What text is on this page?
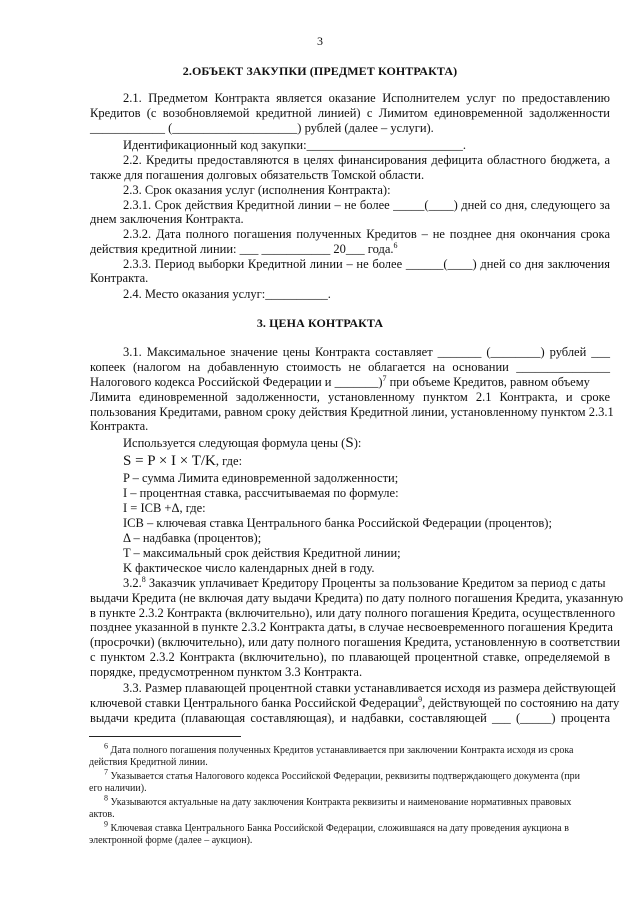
3
2.ОБЪЕКТ ЗАКУПКИ (ПРЕДМЕТ КОНТРАКТА)
2.1. Предметом Контракта является оказание Исполнителем услуг по предоставлению
Кредитов (с возобновляемой кредитной линией) с Лимитом единовременной задолженности
____________ (____________________) рублей (далее – услуги).
Идентификационный код закупки:_________________________.
2.2. Кредиты предоставляются в целях финансирования дефицита областного бюджета, а
также для погашения долговых обязательств Томской области.
2.3. Срок оказания услуг (исполнения Контракта):
2.3.1. Срок действия Кредитной линии – не более _____(____) дней со дня, следующего за
днем заключения Контракта.
2.3.2. Дата полного погашения полученных Кредитов – не позднее дня окончания срока
действия кредитной линии: ___ ___________ 20___ года.$^6$
2.3.3. Период выборки Кредитной линии – не более ______(____) дней со дня заключения
Контракта.
2.4. Место оказания услуг:__________.
3. ЦЕНА КОНТРАКТА
3.1. Максимальное значение цены Контракта составляет _______ (________) рублей ___
копеек (налогом на добавленную стоимость не облагается на основании _______________
Налогового кодекса Российской Федерации и _______)$^7$ при объеме Кредитов, равном объему
Лимита единовременной задолженности, установленному пунктом 2.1 Контракта, и сроке
пользования Кредитами, равном сроку действия Кредитной линии, установленному пунктом 2.3.1
Контракта.
Используется следующая формула цены (S):
S = P × I × T/K, где:
P – сумма Лимита единовременной задолженности;
I – процентная ставка, рассчитываемая по формуле:
I = ICB +Δ, где:
ICB – ключевая ставка Центрального банка Российской Федерации (процентов);
Δ – надбавка (процентов);
T – максимальный срок действия Кредитной линии;
K фактическое число календарных дней в году.
3.2.$^8$ Заказчик уплачивает Кредитору Проценты за пользование Кредитом за период с даты
выдачи Кредита (не включая дату выдачи Кредита) по дату полного погашения Кредита, указанную
в пункте 2.3.2 Контракта (включительно), или дату полного погашения Кредита, осуществленного
позднее указанной в пункте 2.3.2 Контракта даты, в случае несвоевременного погашения Кредита
(просрочки) (включительно), или дату полного погашения Кредита, установленную в соответствии
с пунктом 2.3.2 Контракта (включительно), по плавающей процентной ставке, определяемой в
порядке, предусмотренном пунктом 3.3 Контракта.
3.3. Размер плавающей процентной ставки устанавливается исходя из размера действующей
ключевой ставки Центрального банка Российской Федерации$^9$, действующей по состоянию на дату
выдачи кредита (плавающая составляющая), и надбавки, составляющей ___ (_____) процента
$^6$ Дата полного погашения полученных Кредитов устанавливается при заключении Контракта исходя из срока
действия Кредитной линии.
$^7$ Указывается статья Налогового кодекса Российской Федерации, реквизиты подтверждающего документа (при
его наличии).
$^8$ Указываются актуальные на дату заключения Контракта реквизиты и наименование нормативных правовых
актов.
$^9$ Ключевая ставка Центрального Банка Российской Федерации, сложившаяся на дату проведения аукциона в
электронной форме (далее – аукцион).
